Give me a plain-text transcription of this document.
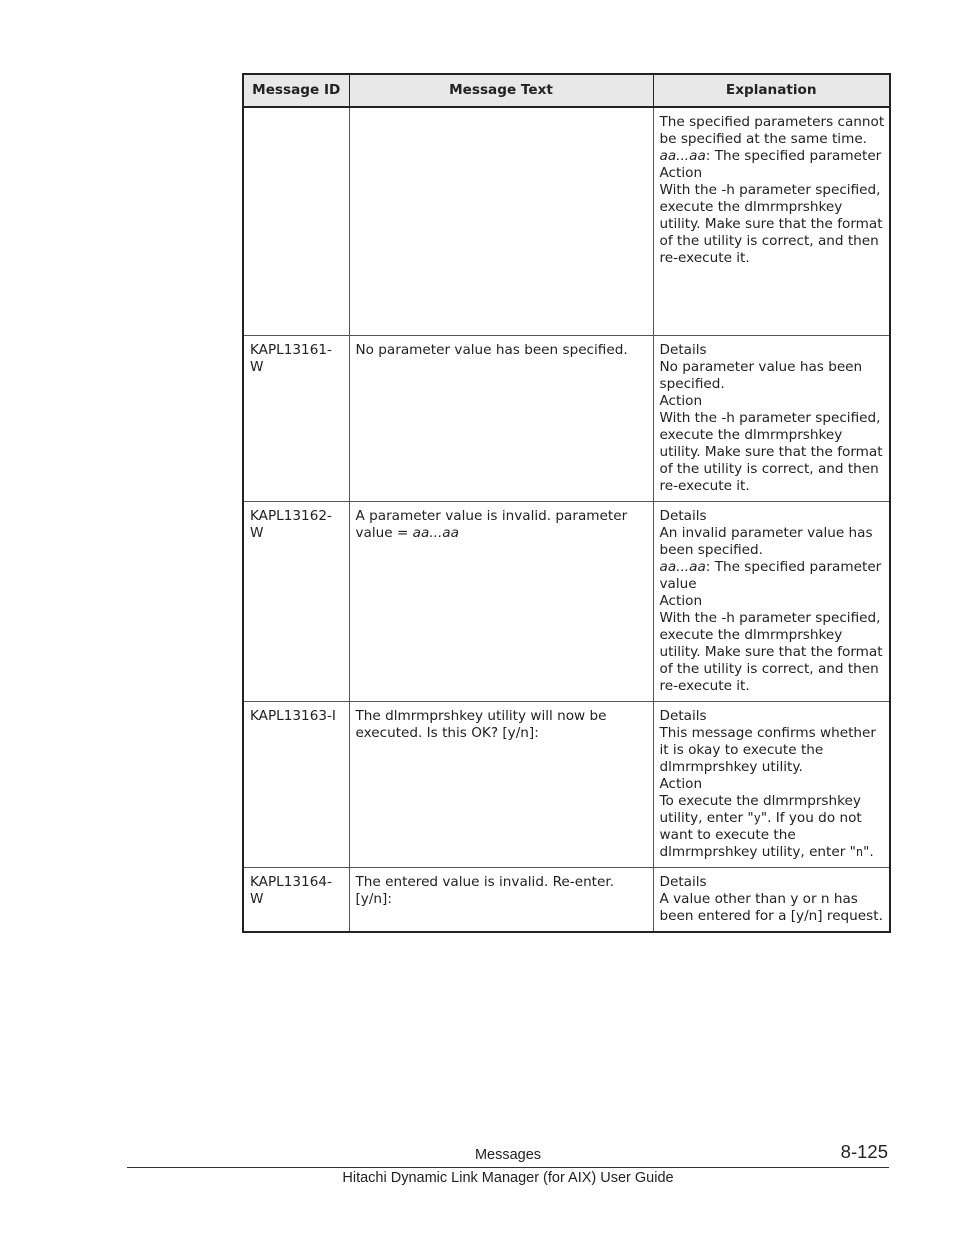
Message ID	Message Text	Explanation

		The specified parameters cannot be specified at the same time.

aa...aa: The specified parameter

Action

With the -h parameter specified, execute the dlmrmprshkey utility. Make sure that the format of the utility is correct, and then re-execute it.

KAPL13161-W	No parameter value has been specified.	Details

No parameter value has been specified.

Action

With the -h parameter specified, execute the dlmrmprshkey utility. Make sure that the format of the utility is correct, and then re-execute it.

KAPL13162-W	A parameter value is invalid. parameter value = aa...aa	Details

An invalid parameter value has been specified.

aa...aa: The specified parameter value

Action

With the -h parameter specified, execute the dlmrmprshkey utility. Make sure that the format of the utility is correct, and then re-execute it.

KAPL13163-I	The dlmrmprshkey utility will now be executed. Is this OK? [y/n]:	Details

This message confirms whether it is okay to execute the dlmrmprshkey utility.

Action

To execute the dlmrmprshkey utility, enter "y". If you do not want to execute the dlmrmprshkey utility, enter "n".

KAPL13164-W	The entered value is invalid. Re-enter. [y/n]:	Details

A value other than y or n has been entered for a [y/n] request.

Messages	8-125
Hitachi Dynamic Link Manager (for AIX) User Guide
